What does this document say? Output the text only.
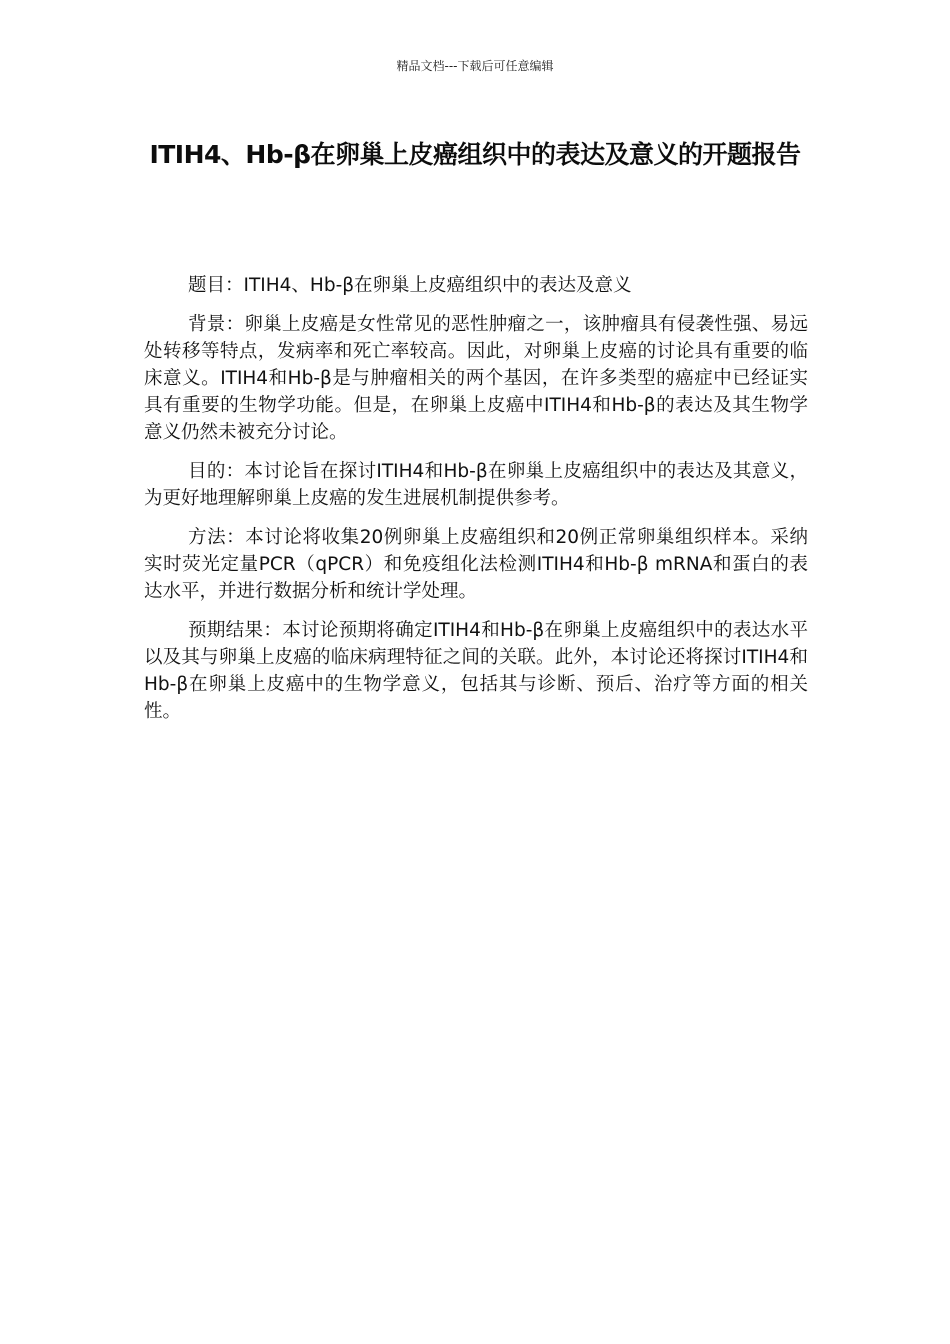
精品文档---下载后可任意编辑
ITIH4、Hb-β在卵巢上皮癌组织中的表达及意义的开题报告

题目：ITIH4、Hb-β在卵巢上皮癌组织中的表达及意义

背景：卵巢上皮癌是女性常见的恶性肿瘤之一，该肿瘤具有侵袭性强、易远处转移等特点，发病率和死亡率较高。因此，对卵巢上皮癌的讨论具有重要的临床意义。ITIH4和Hb-β是与肿瘤相关的两个基因，在许多类型的癌症中已经证实具有重要的生物学功能。但是，在卵巢上皮癌中ITIH4和Hb-β的表达及其生物学意义仍然未被充分讨论。

目的：本讨论旨在探讨ITIH4和Hb-β在卵巢上皮癌组织中的表达及其意义，为更好地理解卵巢上皮癌的发生进展机制提供参考。

方法：本讨论将收集20例卵巢上皮癌组织和20例正常卵巢组织样本。采纳实时荧光定量PCR（qPCR）和免疫组化法检测ITIH4和Hb-β mRNA和蛋白的表达水平，并进行数据分析和统计学处理。

预期结果：本讨论预期将确定ITIH4和Hb-β在卵巢上皮癌组织中的表达水平以及其与卵巢上皮癌的临床病理特征之间的关联。此外，本讨论还将探讨ITIH4和Hb-β在卵巢上皮癌中的生物学意义，包括其与诊断、预后、治疗等方面的相关性。
